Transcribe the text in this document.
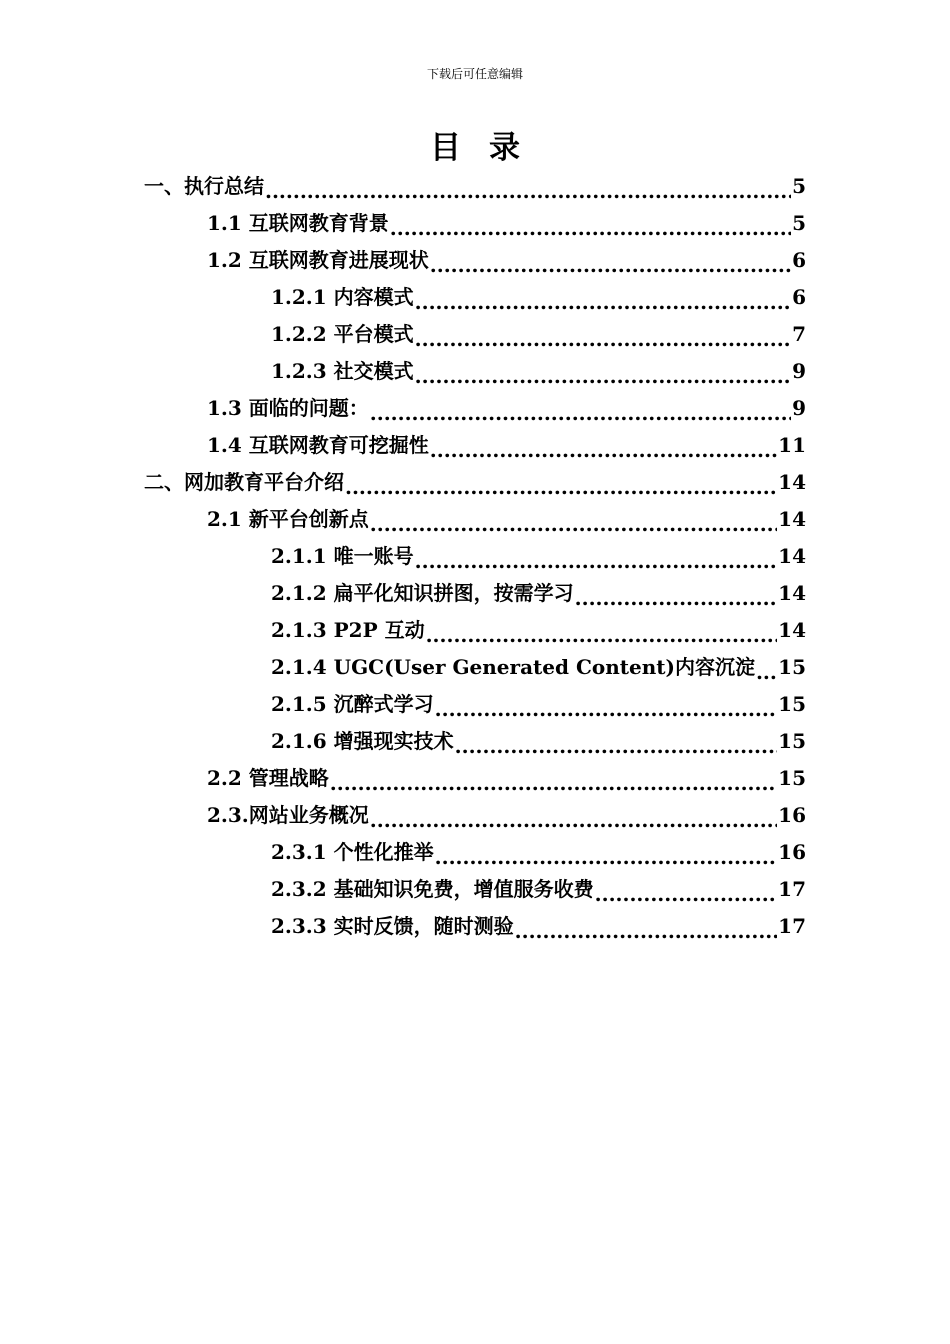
下载后可任意编辑
目录
一、执行总结 .....	5
1.1 互联网教育背景 .....	5
1.2 互联网教育进展现状 .....	6
1.2.1 内容模式 .....	6
1.2.2 平台模式 .....	7
1.2.3 社交模式 .....	9
1.3 面临的问题： .....	9
1.4 互联网教育可挖掘性 .....	11
二、网加教育平台介绍 .....	14
2.1 新平台创新点 .....	14
2.1.1 唯一账号 .....	14
2.1.2 扁平化知识拼图，按需学习 .....	14
2.1.3 P2P 互动 .....	14
2.1.4 UGC(User Generated Content)内容沉淀 ..... 15
2.1.5 沉醉式学习 .....	15
2.1.6 增强现实技术 .....	15
2.2 管理战略 .....	15
2.3.网站业务概况 .....	16
2.3.1 个性化推举 .....	16
2.3.2 基础知识免费，增值服务收费 .....	17
2.3.3 实时反馈，随时测验 .....	17
